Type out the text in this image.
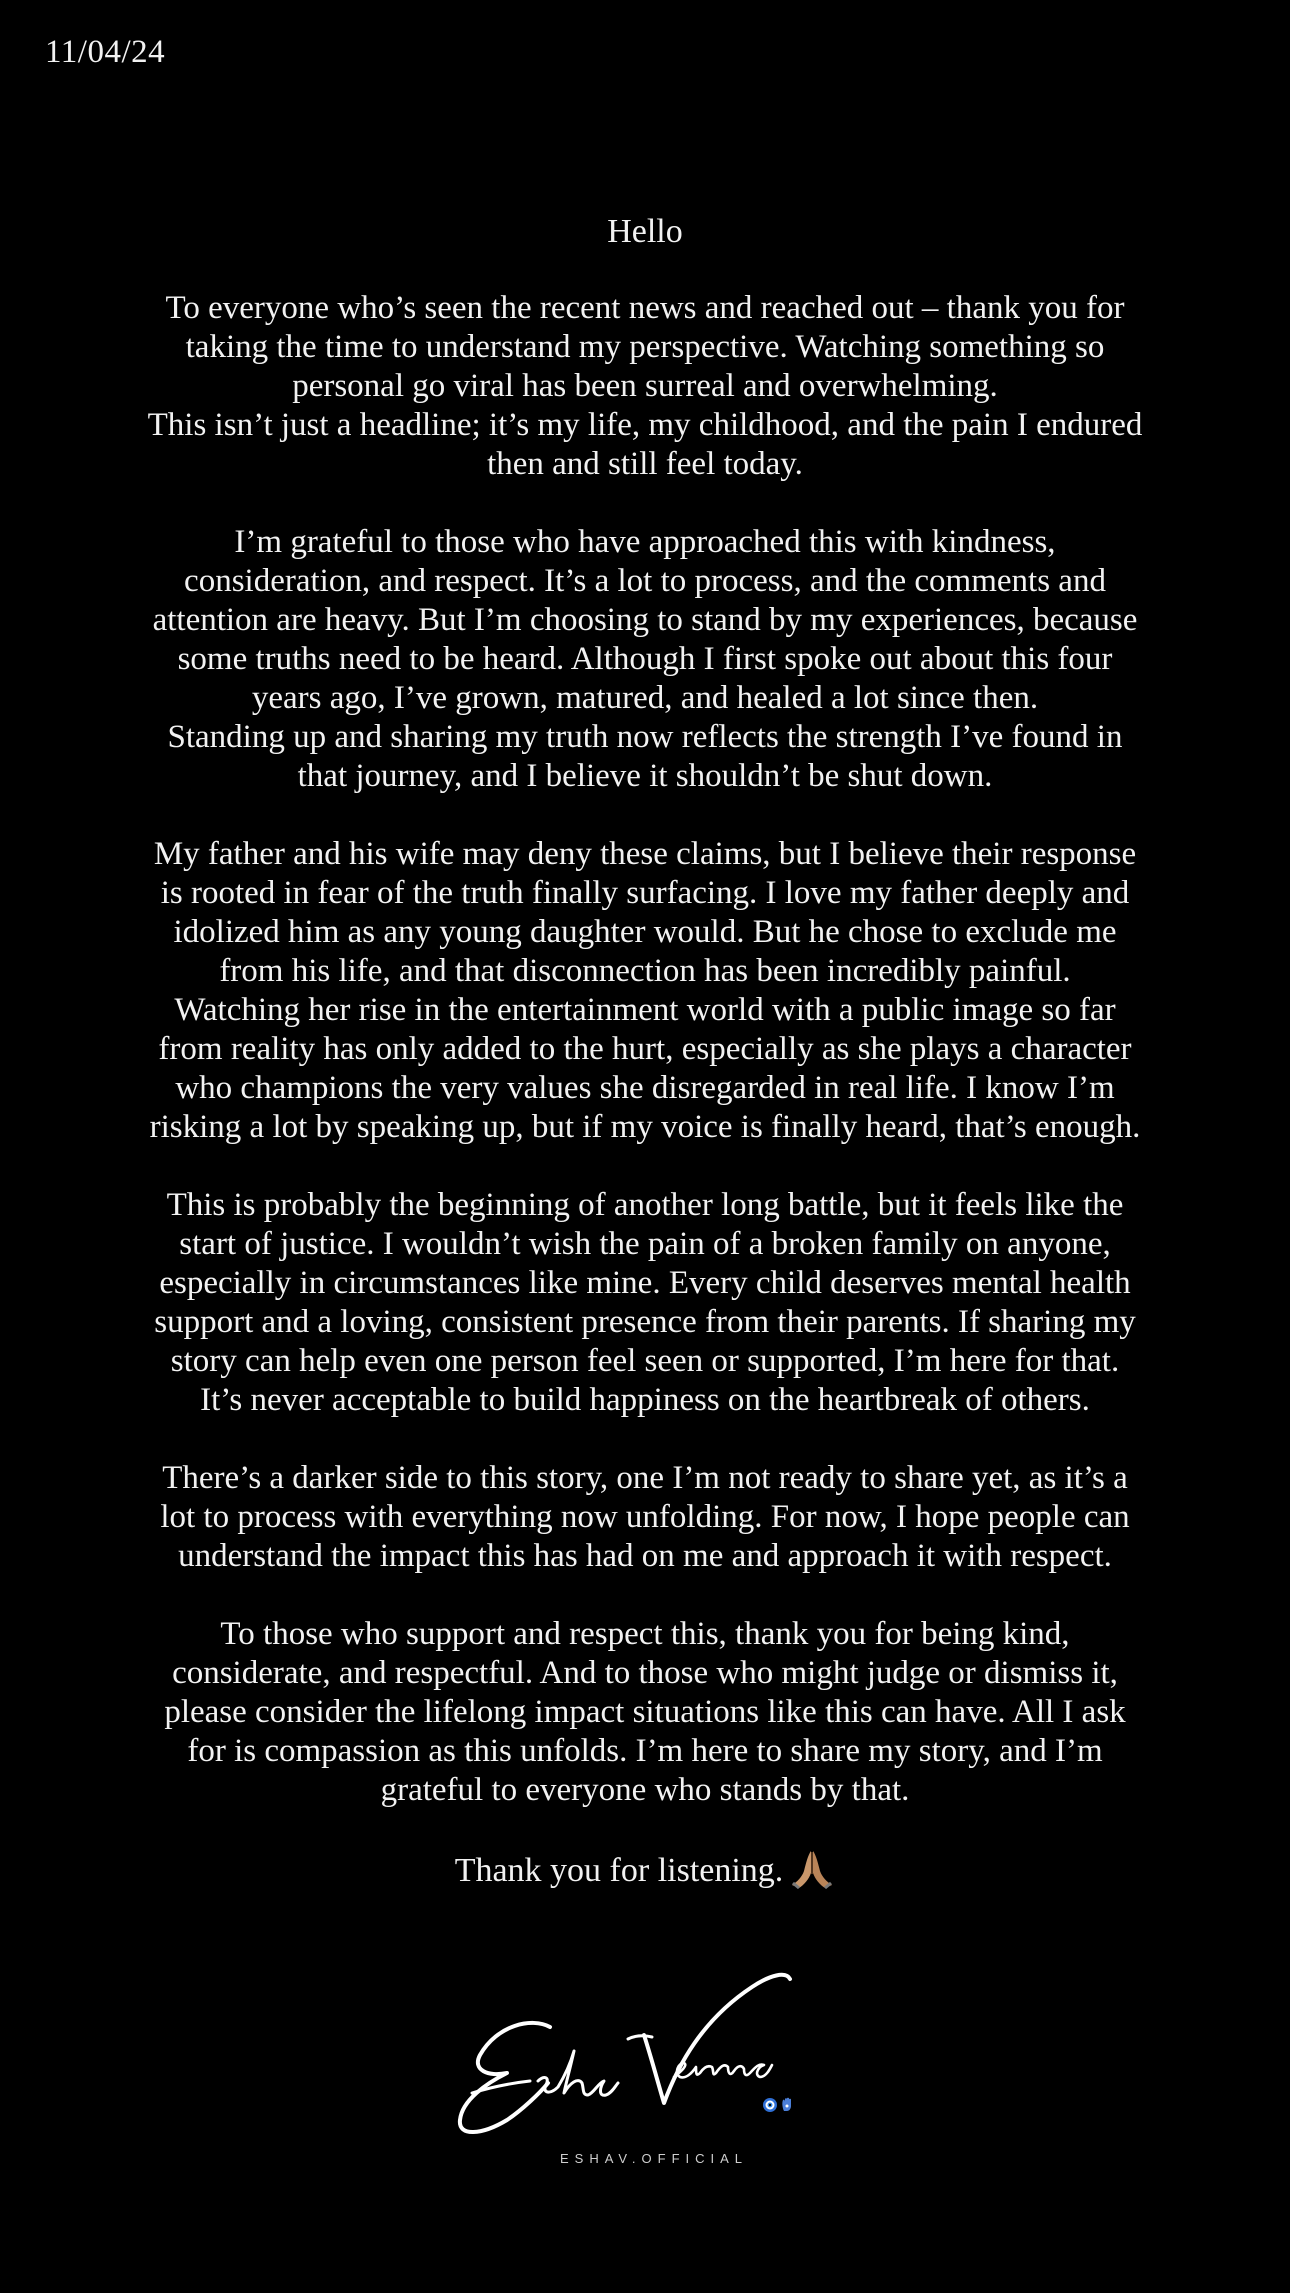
11/04/24

Hello

To everyone who’s seen the recent news and reached out – thank you for
taking the time to understand my perspective. Watching something so
personal go viral has been surreal and overwhelming.
This isn’t just a headline; it’s my life, my childhood, and the pain I endured
then and still feel today.

I’m grateful to those who have approached this with kindness,
consideration, and respect. It’s a lot to process, and the comments and
attention are heavy. But I’m choosing to stand by my experiences, because
some truths need to be heard. Although I first spoke out about this four
years ago, I’ve grown, matured, and healed a lot since then.
Standing up and sharing my truth now reflects the strength I’ve found in
that journey, and I believe it shouldn’t be shut down.

My father and his wife may deny these claims, but I believe their response
is rooted in fear of the truth finally surfacing. I love my father deeply and
idolized him as any young daughter would. But he chose to exclude me
from his life, and that disconnection has been incredibly painful.
Watching her rise in the entertainment world with a public image so far
from reality has only added to the hurt, especially as she plays a character
who champions the very values she disregarded in real life. I know I’m
risking a lot by speaking up, but if my voice is finally heard, that’s enough.

This is probably the beginning of another long battle, but it feels like the
start of justice. I wouldn’t wish the pain of a broken family on anyone,
especially in circumstances like mine. Every child deserves mental health
support and a loving, consistent presence from their parents. If sharing my
story can help even one person feel seen or supported, I’m here for that.
It’s never acceptable to build happiness on the heartbreak of others.

There’s a darker side to this story, one I’m not ready to share yet, as it’s a
lot to process with everything now unfolding. For now, I hope people can
understand the impact this has had on me and approach it with respect.

To those who support and respect this, thank you for being kind,
considerate, and respectful. And to those who might judge or dismiss it,
please consider the lifelong impact situations like this can have. All I ask
for is compassion as this unfolds. I’m here to share my story, and I’m
grateful to everyone who stands by that.

Thank you for listening.

ESHAV.OFFICIAL
